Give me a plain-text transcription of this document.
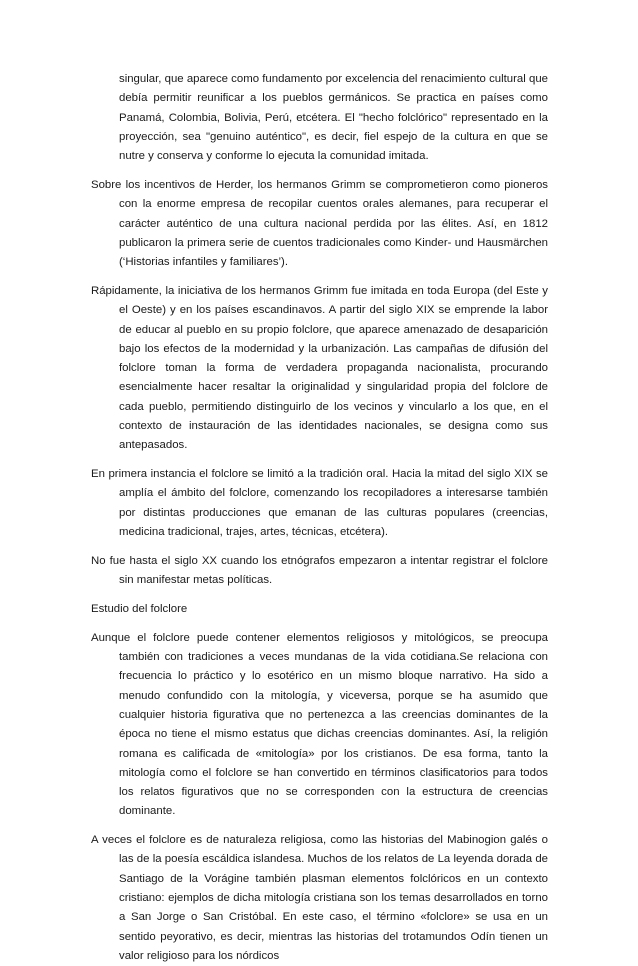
singular, que aparece como fundamento por excelencia del renacimiento cultural que debía permitir reunificar a los pueblos germánicos. Se practica en países como Panamá, Colombia, Bolivia, Perú, etcétera. El "hecho folclórico" representado en la proyección, sea "genuino auténtico", es decir, fiel espejo de la cultura en que se nutre y conserva y conforme lo ejecuta la comunidad imitada.

Sobre los incentivos de Herder, los hermanos Grimm se comprometieron como pioneros con la enorme empresa de recopilar cuentos orales alemanes, para recuperar el carácter auténtico de una cultura nacional perdida por las élites. Así, en 1812 publicaron la primera serie de cuentos tradicionales como Kinder- und Hausmärchen (‘Historias infantiles y familiares’).

Rápidamente, la iniciativa de los hermanos Grimm fue imitada en toda Europa (del Este y el Oeste) y en los países escandinavos. A partir del siglo XIX se emprende la labor de educar al pueblo en su propio folclore, que aparece amenazado de desaparición bajo los efectos de la modernidad y la urbanización. Las campañas de difusión del folclore toman la forma de verdadera propaganda nacionalista, procurando esencialmente hacer resaltar la originalidad y singularidad propia del folclore de cada pueblo, permitiendo distinguirlo de los vecinos y vincularlo a los que, en el contexto de instauración de las identidades nacionales, se designa como sus antepasados.

En primera instancia el folclore se limitó a la tradición oral. Hacia la mitad del siglo XIX se amplía el ámbito del folclore, comenzando los recopiladores a interesarse también por distintas producciones que emanan de las culturas populares (creencias, medicina tradicional, trajes, artes, técnicas, etcétera).

No fue hasta el siglo XX cuando los etnógrafos empezaron a intentar registrar el folclore sin manifestar metas políticas.

Estudio del folclore

Aunque el folclore puede contener elementos religiosos y mitológicos, se preocupa también con tradiciones a veces mundanas de la vida cotidiana.Se relaciona con frecuencia lo práctico y lo esotérico en un mismo bloque narrativo. Ha sido a menudo confundido con la mitología, y viceversa, porque se ha asumido que cualquier historia figurativa que no pertenezca a las creencias dominantes de la época no tiene el mismo estatus que dichas creencias dominantes. Así, la religión romana es calificada de «mitología» por los cristianos. De esa forma, tanto la mitología como el folclore se han convertido en términos clasificatorios para todos los relatos figurativos que no se corresponden con la estructura de creencias dominante.

A veces el folclore es de naturaleza religiosa, como las historias del Mabinogion galés o las de la poesía escáldica islandesa. Muchos de los relatos de La leyenda dorada de Santiago de la Vorágine también plasman elementos folclóricos en un contexto cristiano: ejemplos de dicha mitología cristiana son los temas desarrollados en torno a San Jorge o San Cristóbal. En este caso, el término «folclore» se usa en un sentido peyorativo, es decir, mientras las historias del trotamundos Odín tienen un valor religioso para los nórdicos
